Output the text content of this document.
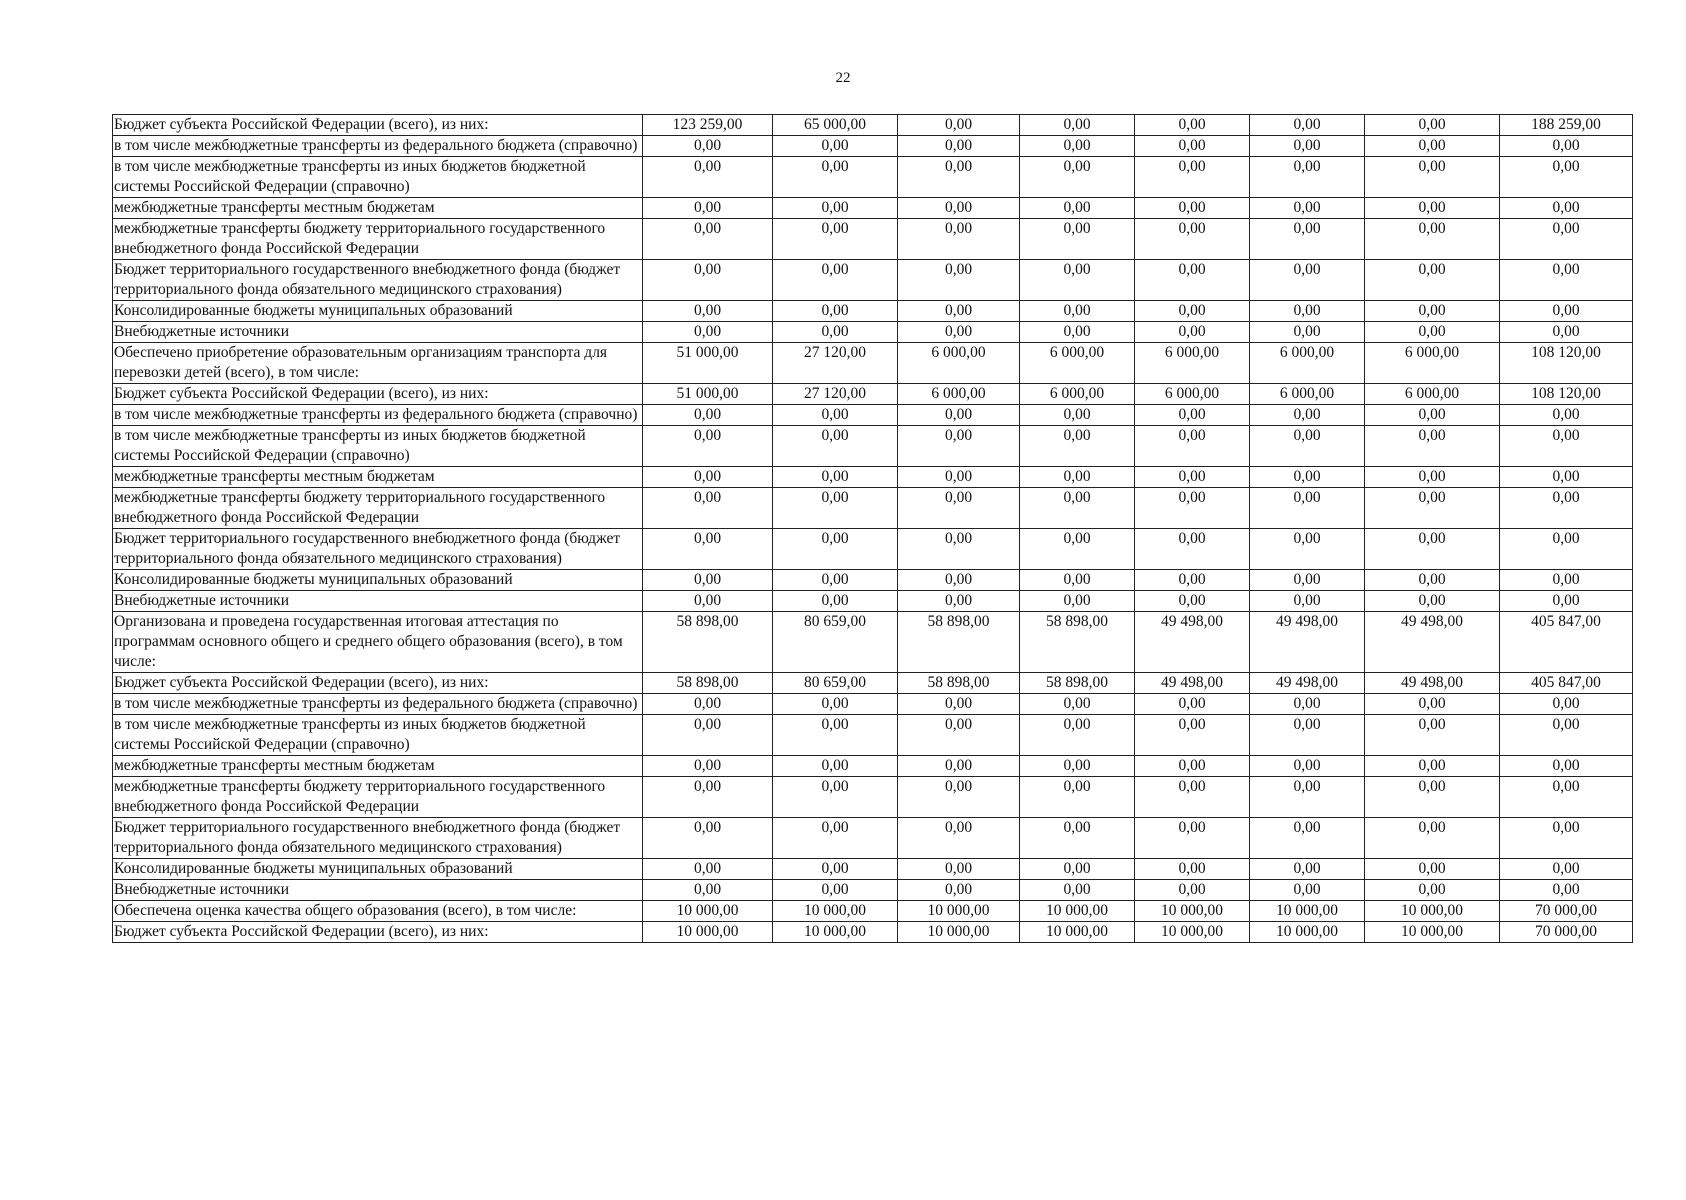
22
Бюджет субъекта Российской Федерации (всего), из них:	123 259,00	65 000,00	0,00	0,00	0,00	0,00	0,00	188 259,00
в том числе межбюджетные трансферты из федерального бюджета (справочно)	0,00	0,00	0,00	0,00	0,00	0,00	0,00	0,00
в том числе межбюджетные трансферты из иных бюджетов бюджетной системы Российской Федерации (справочно)	0,00	0,00	0,00	0,00	0,00	0,00	0,00	0,00
межбюджетные трансферты местным бюджетам	0,00	0,00	0,00	0,00	0,00	0,00	0,00	0,00
межбюджетные трансферты бюджету территориального государственного внебюджетного фонда Российской Федерации	0,00	0,00	0,00	0,00	0,00	0,00	0,00	0,00
Бюджет территориального государственного внебюджетного фонда (бюджет территориального фонда обязательного медицинского страхования)	0,00	0,00	0,00	0,00	0,00	0,00	0,00	0,00
Консолидированные бюджеты муниципальных образований	0,00	0,00	0,00	0,00	0,00	0,00	0,00	0,00
Внебюджетные источники	0,00	0,00	0,00	0,00	0,00	0,00	0,00	0,00
Обеспечено приобретение образовательным организациям транспорта для перевозки детей (всего), в том числе:	51 000,00	27 120,00	6 000,00	6 000,00	6 000,00	6 000,00	6 000,00	108 120,00
Бюджет субъекта Российской Федерации (всего), из них:	51 000,00	27 120,00	6 000,00	6 000,00	6 000,00	6 000,00	6 000,00	108 120,00
в том числе межбюджетные трансферты из федерального бюджета (справочно)	0,00	0,00	0,00	0,00	0,00	0,00	0,00	0,00
в том числе межбюджетные трансферты из иных бюджетов бюджетной системы Российской Федерации (справочно)	0,00	0,00	0,00	0,00	0,00	0,00	0,00	0,00
межбюджетные трансферты местным бюджетам	0,00	0,00	0,00	0,00	0,00	0,00	0,00	0,00
межбюджетные трансферты бюджету территориального государственного внебюджетного фонда Российской Федерации	0,00	0,00	0,00	0,00	0,00	0,00	0,00	0,00
Бюджет территориального государственного внебюджетного фонда (бюджет территориального фонда обязательного медицинского страхования)	0,00	0,00	0,00	0,00	0,00	0,00	0,00	0,00
Консолидированные бюджеты муниципальных образований	0,00	0,00	0,00	0,00	0,00	0,00	0,00	0,00
Внебюджетные источники	0,00	0,00	0,00	0,00	0,00	0,00	0,00	0,00
Организована и проведена государственная итоговая аттестация по программам основного общего и среднего общего образования (всего), в том числе:	58 898,00	80 659,00	58 898,00	58 898,00	49 498,00	49 498,00	49 498,00	405 847,00
Бюджет субъекта Российской Федерации (всего), из них:	58 898,00	80 659,00	58 898,00	58 898,00	49 498,00	49 498,00	49 498,00	405 847,00
в том числе межбюджетные трансферты из федерального бюджета (справочно)	0,00	0,00	0,00	0,00	0,00	0,00	0,00	0,00
в том числе межбюджетные трансферты из иных бюджетов бюджетной системы Российской Федерации (справочно)	0,00	0,00	0,00	0,00	0,00	0,00	0,00	0,00
межбюджетные трансферты местным бюджетам	0,00	0,00	0,00	0,00	0,00	0,00	0,00	0,00
межбюджетные трансферты бюджету территориального государственного внебюджетного фонда Российской Федерации	0,00	0,00	0,00	0,00	0,00	0,00	0,00	0,00
Бюджет территориального государственного внебюджетного фонда (бюджет территориального фонда обязательного медицинского страхования)	0,00	0,00	0,00	0,00	0,00	0,00	0,00	0,00
Консолидированные бюджеты муниципальных образований	0,00	0,00	0,00	0,00	0,00	0,00	0,00	0,00
Внебюджетные источники	0,00	0,00	0,00	0,00	0,00	0,00	0,00	0,00
Обеспечена оценка качества общего образования (всего), в том числе:	10 000,00	10 000,00	10 000,00	10 000,00	10 000,00	10 000,00	10 000,00	70 000,00
Бюджет субъекта Российской Федерации (всего), из них:	10 000,00	10 000,00	10 000,00	10 000,00	10 000,00	10 000,00	10 000,00	70 000,00
